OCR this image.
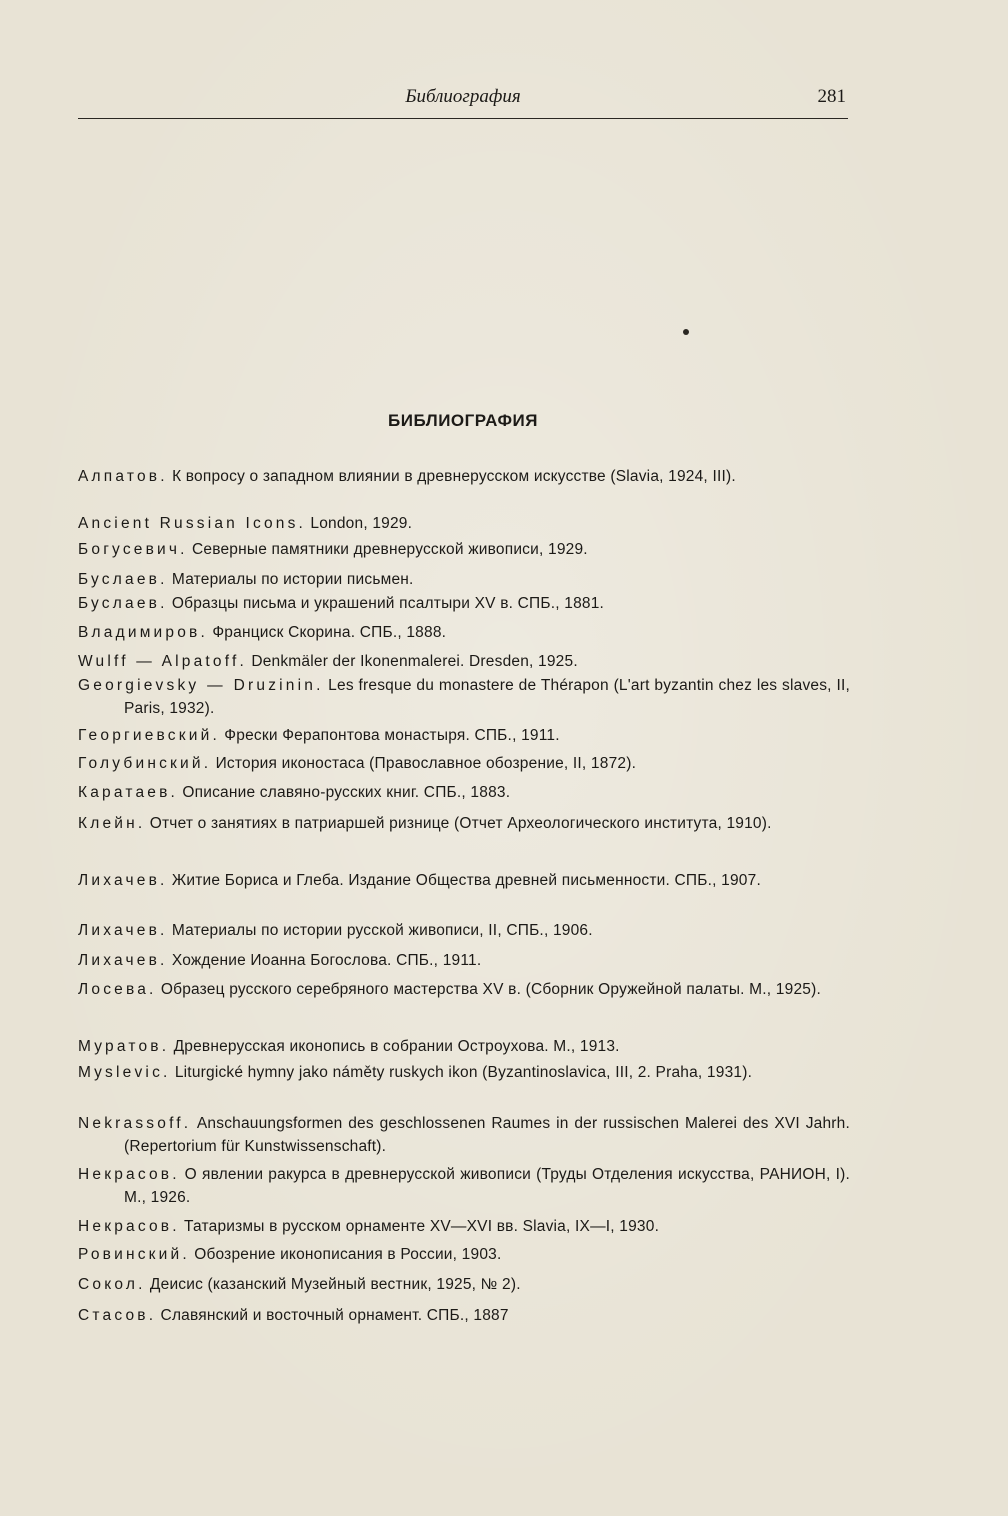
Библиография	281
БИБЛИОГРАФИЯ
Алпатов. К вопросу о западном влиянии в древнерусском искусстве (Slavia, 1924, III).
Ancient Russian Icons. London, 1929.
Богусевич. Северные памятники древнерусской живописи, 1929.
Буслаев. Материалы по истории письмен.
Буслаев. Образцы письма и украшений псалтыри XV в. СПБ., 1881.
Владимиров. Франциск Скорина. СПБ., 1888.
Wulff — Alpatoff. Denkmäler der Ikonenmalerei. Dresden, 1925.
Georgievsky — Druzinin. Les fresque du monastere de Thérapon (L'art byzantin chez les slaves, II, Paris, 1932).
Георгиевский. Фрески Ферапонтова монастыря. СПБ., 1911.
Голубинский. История иконостаса (Православное обозрение, II, 1872).
Каратаев. Описание славяно-русских книг. СПБ., 1883.
Клейн. Отчет о занятиях в патриаршей ризнице (Отчет Археологического института, 1910).
Лихачев. Житие Бориса и Глеба. Издание Общества древней письменности. СПБ., 1907.
Лихачев. Материалы по истории русской живописи, II, СПБ., 1906.
Лихачев. Хождение Иоанна Богослова. СПБ., 1911.
Лосева. Образец русского серебряного мастерства XV в. (Сборник Оружейной палаты. М., 1925).
Муратов. Древнерусская иконопись в собрании Остроухова. М., 1913.
Myslevic. Liturgické hymny jako náměty ruskych ikon (Byzantinoslavica, III, 2. Praha, 1931).
Nekrassoff. Anschauungsformen des geschlossenen Raumes in der russischen Malerei des XVI Jahrh. (Repertorium für Kunstwissenschaft).
Некрасов. О явлении ракурса в древнерусской живописи (Труды Отделения искусства, РАНИОН, I). М., 1926.
Некрасов. Татаризмы в русском орнаменте XV—XVI вв. Slavia, IX—I, 1930.
Ровинский. Обозрение иконописания в России, 1903.
Сокол. Деисис (казанский Музейный вестник, 1925, № 2).
Стасов. Славянский и восточный орнамент. СПБ., 1887
